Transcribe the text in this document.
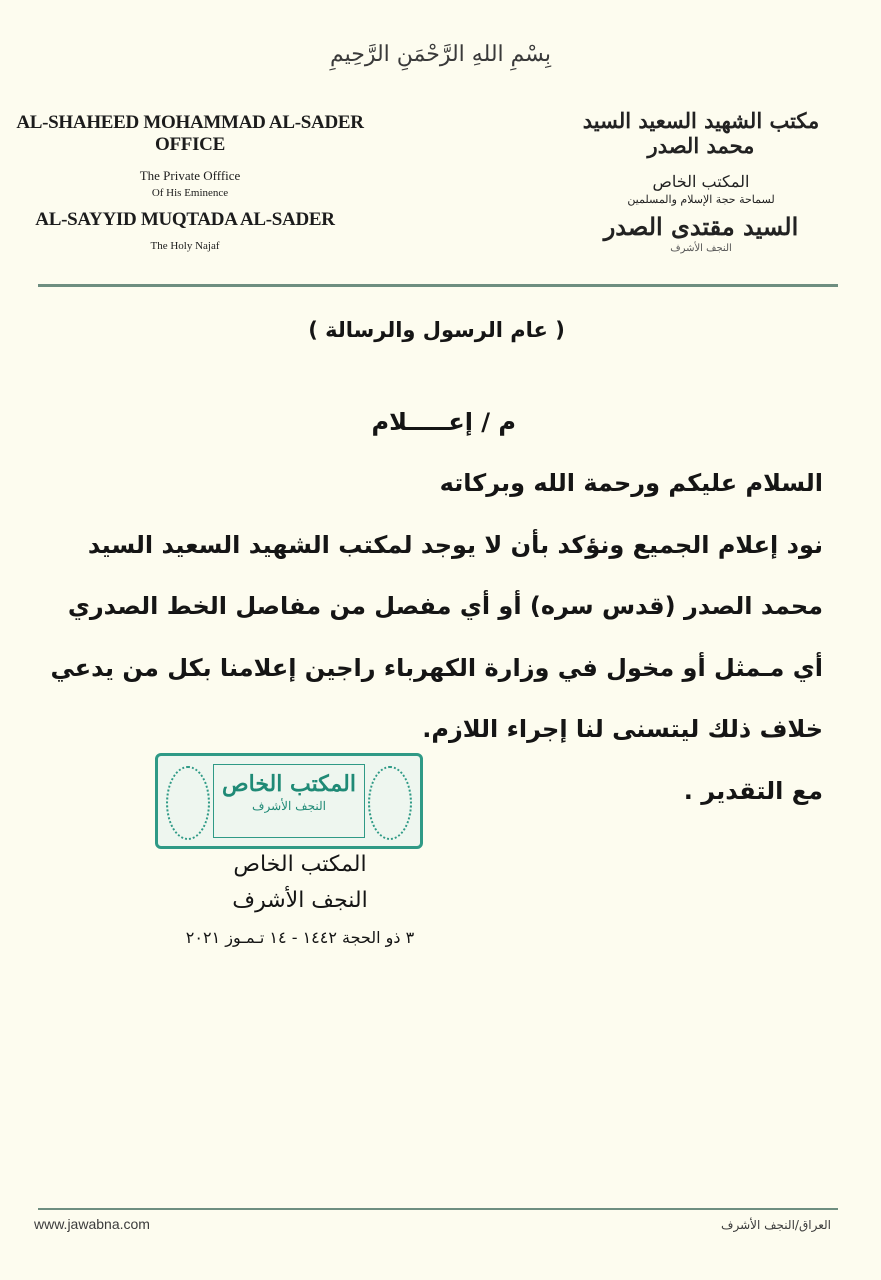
بِسْمِ اللهِ الرَّحْمَنِ الرَّحِيمِ
AL-SHAHEED MOHAMMAD AL-SADER OFFICE
The Private Offfice
Of His Eminence
AL-SAYYID MUQTADA AL-SADER
The Holy Najaf
مكتب الشهيد السعيد السيد محمد الصدر
المكتب الخاص
لسماحة حجة الإسلام والمسلمين
السيد مقتدى الصدر
النجف الأشرف
( عام الرسول والرسالة )
م / إعـــــلام
السلام عليكم ورحمة الله وبركاته
نود إعلام الجميع ونؤكد بأن لا يوجد لمكتب الشهيد السعيد السيد
محمد الصدر (قدس سره) أو أي مفصل من مفاصل الخط الصدري
أي مـمثل أو مخول في وزارة الكهرباء راجين إعلامنا بكل من يدعي
خلاف ذلك ليتسنى لنا إجراء اللازم.
مع التقدير .
المكتب الخاص
النجف الأشرف
المكتب الخاص
النجف الأشرف
٣ ذو الحجة ١٤٤٢ - ١٤ تـمـوز ٢٠٢١
www.jawabna.com	العراق/النجف الأشرف
